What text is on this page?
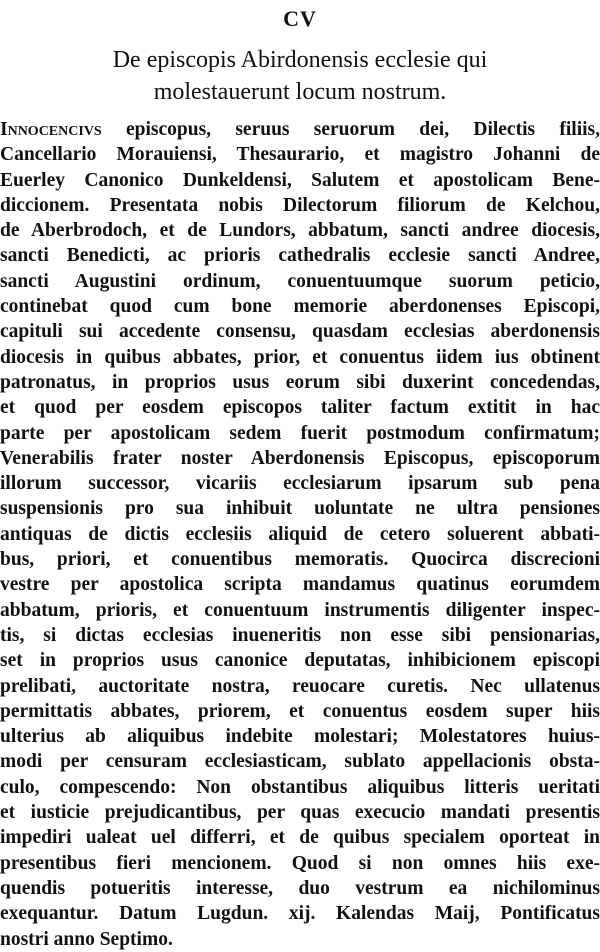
CV
De episcopis Abirdonensis ecclesie qui
molestauerunt locum nostrum.
Innocencivs episcopus, seruus seruorum dei, Dilectis filiis,
Cancellario Morauiensi, Thesaurario, et magistro Johanni de
Euerley Canonico Dunkeldensi, Salutem et apostolicam Bene-
diccionem. Presentata nobis Dilectorum filiorum de Kelchou,
de Aberbrodoch, et de Lundors, abbatum, sancti andree diocesis,
sancti Benedicti, ac prioris cathedralis ecclesie sancti Andree,
sancti Augustini ordinum, conuentuumque suorum peticio,
continebat quod cum bone memorie aberdonenses Episcopi,
capituli sui accedente consensu, quasdam ecclesias aberdonensis
diocesis in quibus abbates, prior, et conuentus iidem ius obtinent
patronatus, in proprios usus eorum sibi duxerint concedendas,
et quod per eosdem episcopos taliter factum extitit in hac
parte per apostolicam sedem fuerit postmodum confirmatum;
Venerabilis frater noster Aberdonensis Episcopus, episcoporum
illorum successor, vicariis ecclesiarum ipsarum sub pena
suspensionis pro sua inhibuit uoluntate ne ultra pensiones
antiquas de dictis ecclesiis aliquid de cetero soluerent abbati-
bus, priori, et conuentibus memoratis. Quocirca discrecioni
vestre per apostolica scripta mandamus quatinus eorumdem
abbatum, prioris, et conuentuum instrumentis diligenter inspec-
tis, si dictas ecclesias inueneritis non esse sibi pensionarias,
set in proprios usus canonice deputatas, inhibicionem episcopi
prelibati, auctoritate nostra, reuocare curetis. Nec ullatenus
permittatis abbates, priorem, et conuentus eosdem super hiis
ulterius ab aliquibus indebite molestari; Molestatores huius-
modi per censuram ecclesiasticam, sublato appellacionis obsta-
culo, compescendo: Non obstantibus aliquibus litteris ueritati
et iusticie prejudicantibus, per quas execucio mandati presentis
impediri ualeat uel differri, et de quibus specialem oporteat in
presentibus fieri mencionem. Quod si non omnes hiis exe-
quendis potueritis interesse, duo vestrum ea nichilominus
exequantur. Datum Lugdun. xij. Kalendas Maij, Pontificatus
nostri anno Septimo.
